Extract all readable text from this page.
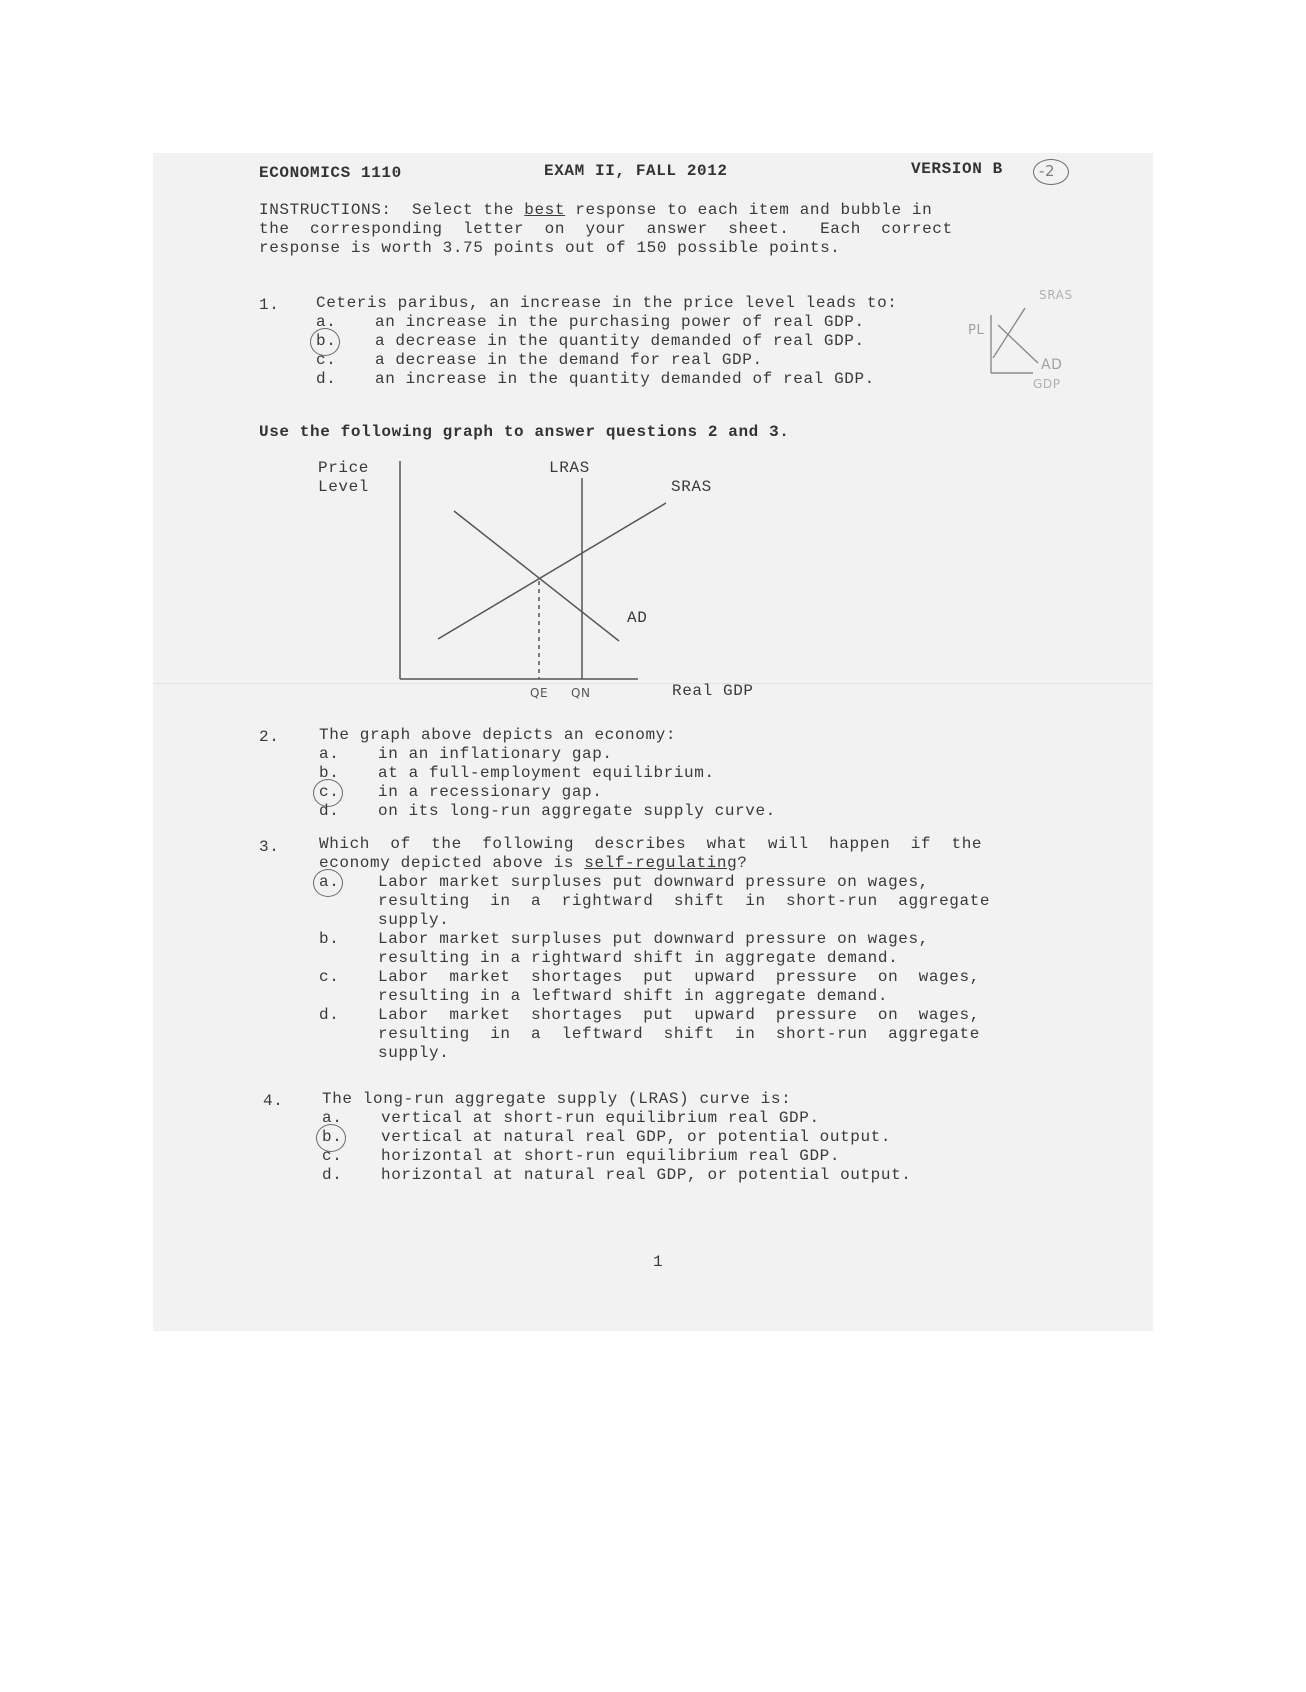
ECONOMICS 1110	EXAM II, FALL 2012	VERSION B -2
INSTRUCTIONS:  Select the best response to each item and bubble in
the  corresponding  letter  on  your  answer  sheet.   Each  correct
response is worth 3.75 points out of 150 possible points.
1. Ceteris paribus, an increase in the price level leads to:
a. an increase in the purchasing power of real GDP.
b. a decrease in the quantity demanded of real GDP.
c. a decrease in the demand for real GDP.
d. an increase in the quantity demanded of real GDP.
SRAS
PL
AD
GDP
Use the following graph to answer questions 2 and 3.
Price
Level
LRAS
SRAS
AD
QE QN	Real GDP
2. The graph above depicts an economy:
a. in an inflationary gap.
b. at a full-employment equilibrium.
c. in a recessionary gap.
d. on its long-run aggregate supply curve.
3. Which  of  the  following  describes  what  will  happen  if  the
economy depicted above is self-regulating?
a. Labor market surpluses put downward pressure on wages,
resulting  in  a  rightward  shift  in  short-run  aggregate
supply.
b. Labor market surpluses put downward pressure on wages,
resulting in a rightward shift in aggregate demand.
c. Labor  market  shortages  put  upward  pressure  on  wages,
resulting in a leftward shift in aggregate demand.
d. Labor  market  shortages  put  upward  pressure  on  wages,
resulting  in  a  leftward  shift  in  short-run  aggregate
supply.
4. The long-run aggregate supply (LRAS) curve is:
a. vertical at short-run equilibrium real GDP.
b. vertical at natural real GDP, or potential output.
c. horizontal at short-run equilibrium real GDP.
d. horizontal at natural real GDP, or potential output.
1
